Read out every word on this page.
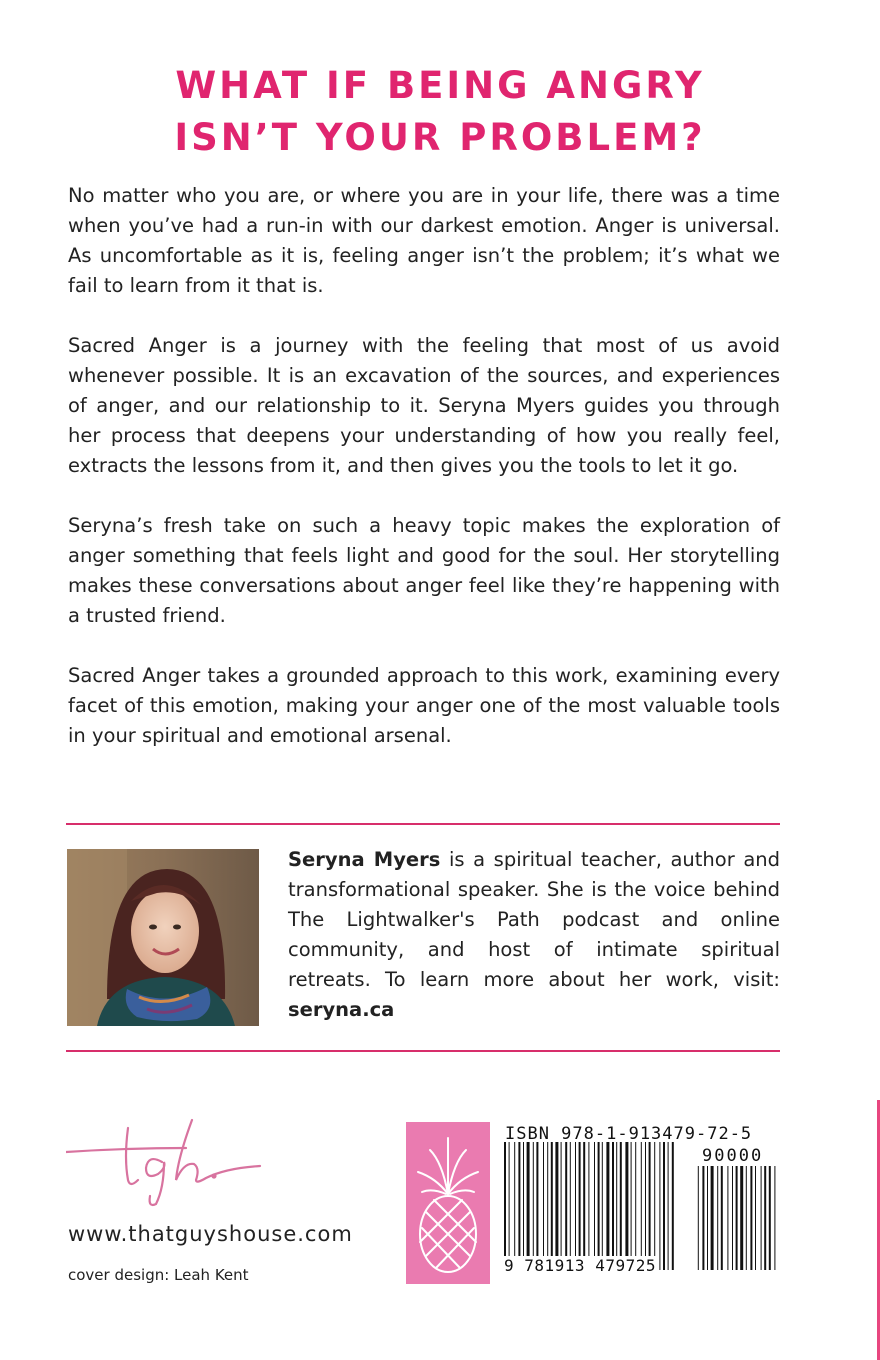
WHAT IF BEING ANGRY
ISN’T YOUR PROBLEM?

No matter who you are, or where you are in your life, there was a time when you’ve had a run-in with our darkest emotion. Anger is universal. As uncomfortable as it is, feeling anger isn’t the problem; it’s what we fail to learn from it that is.

Sacred Anger is a journey with the feeling that most of us avoid whenever possible. It is an excavation of the sources, and experiences of anger, and our relationship to it. Seryna Myers guides you through her process that deepens your understanding of how you really feel, extracts the lessons from it, and then gives you the tools to let it go.

Seryna’s fresh take on such a heavy topic makes the exploration of anger something that feels light and good for the soul. Her storytelling makes these conversations about anger feel like they’re happening with a trusted friend.

Sacred Anger takes a grounded approach to this work, examining every facet of this emotion, making your anger one of the most valuable tools in your spiritual and emotional arsenal.

Seryna Myers is a spiritual teacher, author and transformational speaker. She is the voice behind The Lightwalker's Path podcast and online community, and host of intimate spiritual retreats. To learn more about her work, visit: seryna.ca
www.thatguyshouse.com
cover design: Leah Kent
ISBN 978-1-913479-72-5
90000
9 781913 479725
